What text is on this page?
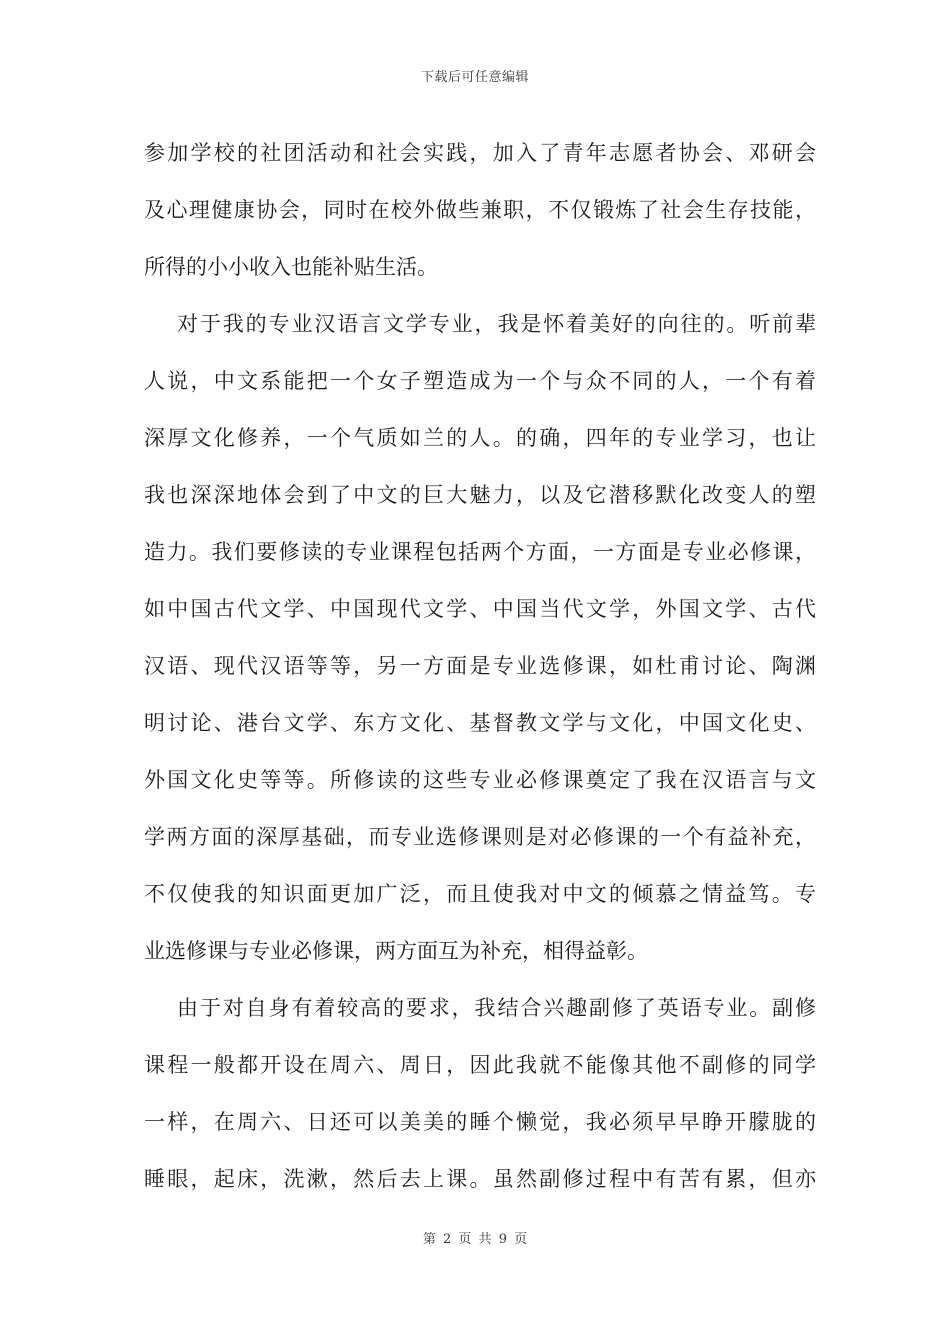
下载后可任意编辑
参加学校的社团活动和社会实践，加入了青年志愿者协会、邓研会
及心理健康协会，同时在校外做些兼职，不仅锻炼了社会生存技能，
所得的小小收入也能补贴生活。
对于我的专业汉语言文学专业，我是怀着美好的向往的。听前辈
人说，中文系能把一个女子塑造成为一个与众不同的人，一个有着
深厚文化修养，一个气质如兰的人。的确，四年的专业学习，也让
我也深深地体会到了中文的巨大魅力，以及它潜移默化改变人的塑
造力。我们要修读的专业课程包括两个方面，一方面是专业必修课，
如中国古代文学、中国现代文学、中国当代文学，外国文学、古代
汉语、现代汉语等等，另一方面是专业选修课，如杜甫讨论、陶渊
明讨论、港台文学、东方文化、基督教文学与文化，中国文化史、
外国文化史等等。所修读的这些专业必修课奠定了我在汉语言与文
学两方面的深厚基础，而专业选修课则是对必修课的一个有益补充，
不仅使我的知识面更加广泛，而且使我对中文的倾慕之情益笃。专
业选修课与专业必修课，两方面互为补充，相得益彰。
由于对自身有着较高的要求，我结合兴趣副修了英语专业。副修
课程一般都开设在周六、周日，因此我就不能像其他不副修的同学
一样，在周六、日还可以美美的睡个懒觉，我必须早早睁开朦胧的
睡眼，起床，洗漱，然后去上课。虽然副修过程中有苦有累，但亦
第 2 页 共 9 页
